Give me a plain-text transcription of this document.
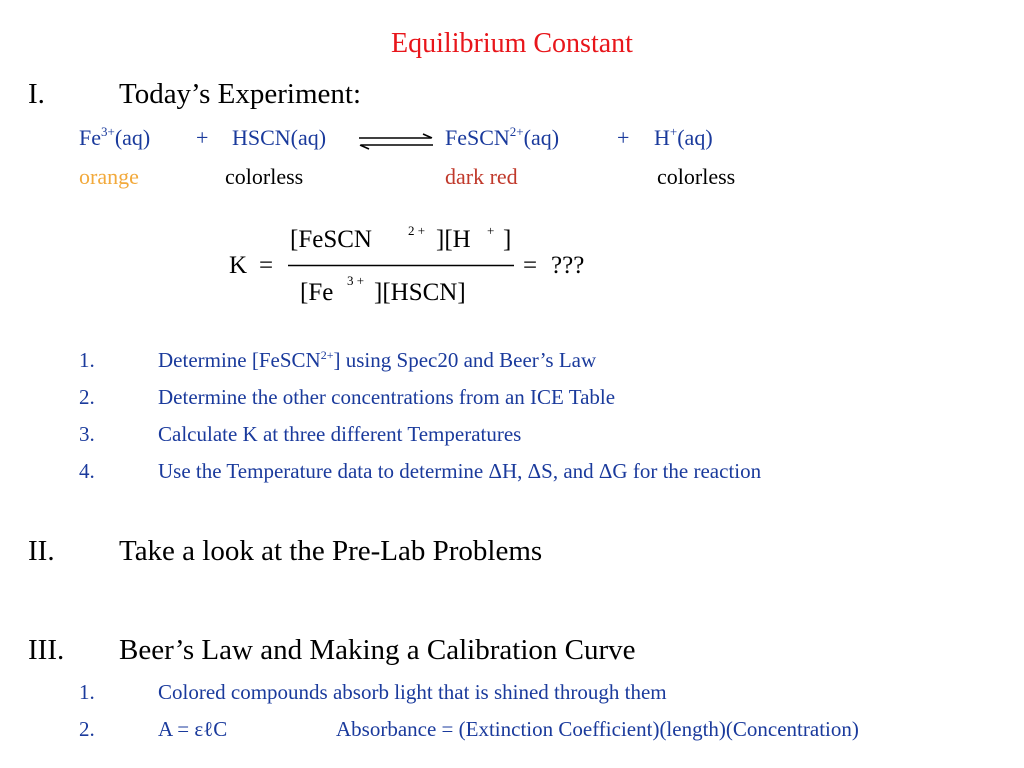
Equilibrium Constant
I.	Today’s Experiment:
$Fe^{3+}(aq)$ + HSCN(aq)	FeSCN$^{2+}$(aq)	+ H+(aq)
orange	colorless	dark red	colorless
K =
[FeSCN	2 + ][H + ]
[Fe 3 + ][HSCN]
= ???
1.	Determine [FeSCN$^{2+}$] using Spec20 and Beer’s Law
2.	Determine the other concentrations from an ICE Table
3.	Calculate K at three different Temperatures
4.	Use the Temperature data to determine ΔH, ΔS, and ΔG for the reaction
II. Take a look at the Pre-Lab Problems
III. Beer’s Law and Making a Calibration Curve
1.	Colored compounds absorb light that is shined through them
2.	A = εℓC	Absorbance = (Extinction Coefficient)(length)(Concentration)
